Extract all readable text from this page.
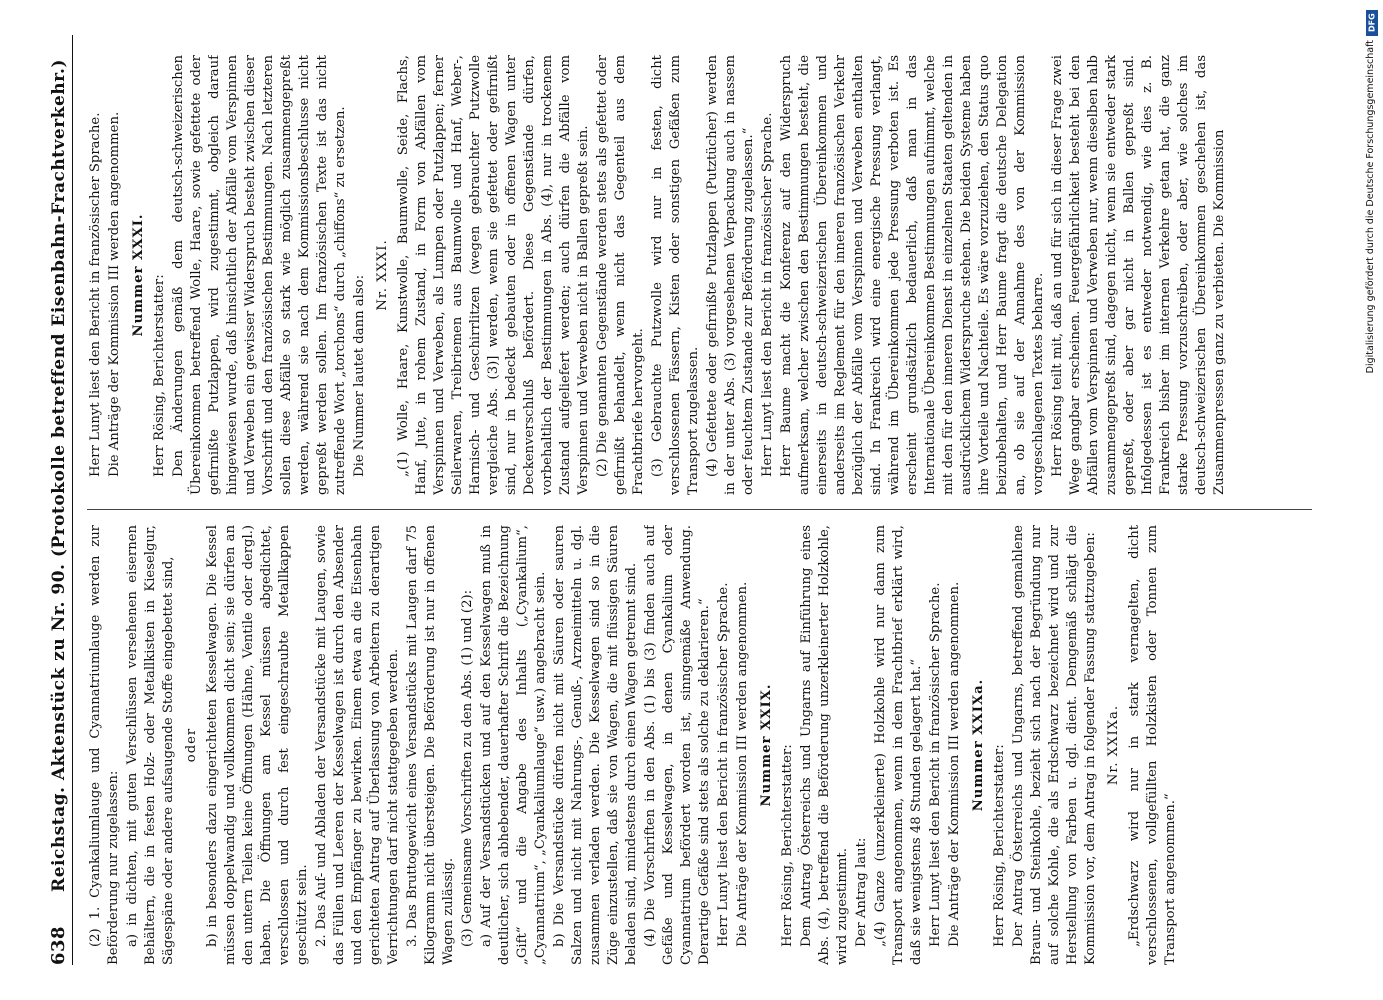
638
Reichstag. Aktenstück zu Nr. 90. (Protokolle betreffend Eisenbahn-Frachtverkehr.) (2) 1. Cyankaliumlauge und Cyannatriumlauge werden zur Beförderung nur zugelassen: a) in dichten, mit guten Verschlüssen versehenen eisernen Behältern, die in festen Holz- oder Metallkisten in Kieselgur, Sägespäne oder andere aufsaugende Stoffe eingebettet sind, oder b) in besonders dazu eingerichteten Kesselwagen. Die Kessel müssen doppelwandig und vollkommen dicht sein; sie dürfen an den untern Teilen keine Öffnungen (Hähne, Ventile oder dergl.) haben. Die Öffnungen am Kessel müssen abgedichtet, verschlossen und durch fest eingeschraubte Metallkappen geschützt sein. 2. Das Auf- und Abladen der Versandstücke mit Laugen, sowie das Füllen und Leeren der Kesselwagen ist durch den Absender und den Empfänger zu bewirken. Einem etwa an die Eisenbahn gerichteten Antrag auf Überlassung von Arbeitern zu derartigen Verrichtungen darf nicht stattgegeben werden. 3. Das Bruttogewicht eines Versandstücks mit Laugen darf 75 Kilogramm nicht übersteigen. Die Beförderung ist nur in offenen Wagen zulässig. (3) Gemeinsame Vorschriften zu den Abs. (1) und (2): a) Auf der Versandstücken und auf den Kesselwagen muß in deutlicher, sich abhebender, dauerhafter Schrift die Bezeichnung „Gift“ und die Angabe des Inhalts („Cyankalium“, „Cyannatrium“, „Cyankaliumlauge“ usw.) angebracht sein. b) Die Versandstücke dürfen nicht mit Säuren oder sauren Salzen und nicht mit Nahrungs-, Genuß-, Arzneimitteln u. dgl. zusammen verladen werden. Die Kesselwagen sind so in die Züge einzustellen, daß sie von Wagen, die mit flüssigen Säuren beladen sind, mindestens durch einen Wagen getrennt sind. (4) Die Vorschriften in den Abs. (1) bis (3) finden auch auf Gefäße und Kesselwagen, in denen Cyankalium oder Cyannatrium befördert worden ist, sinngemäße Anwendung. Derartige Gefäße sind stets als solche zu deklarieren.“ Herr Lunyt liest den Bericht in französischer Sprache. Die Anträge der Kommission III werden angenommen. Nummer XXIX. Herr Rösing, Berichterstatter: Dem Antrag Österreichs und Ungarns auf Einführung eines Abs. (4), betreffend die Beförderung unzerkleinerter Holzkohle, wird zugestimmt. Der Antrag laut: „(4) Ganze (unzerkleinerte) Holzkohle wird nur dann zum Transport angenommen, wenn in dem Frachtbrief erklärt wird, daß sie wenigstens 48 Stunden gelagert hat.“ Herr Lunyt liest den Bericht in französischer Sprache. Die Anträge der Kommission III werden angenommen. Nummer XXIXa. Herr Rösing, Berichterstatter: Der Antrag Österreichs und Ungarns, betreffend gemahlene Braun- und Steinkohle, bezieht sich nach der Begründung nur auf solche Kohle, die als Erdschwarz bezeichnet wird und zur Herstellung von Farben u. dgl. dient. Demgemäß schlägt die Kommission vor, dem Antrag in folgender Fassung stattzugeben: Nr. XXIXa. „Erdschwarz wird nur in stark vernagelten, dicht verschlossenen, vollgefüllten Holzkisten oder Tonnen zum Transport angenommen.“

Herr Lunyt liest den Bericht in französischer Sprache. Die Anträge der Kommission III werden angenommen. Nummer XXXI. Herr Rösing, Berichterstatter: Den Änderungen gemäß dem deutsch-schweizerischen Übereinkommen betreffend Wolle, Haare, sowie gefettete oder gefirnißte Putzlappen, wird zugestimmt, obgleich darauf hingewiesen wurde, daß hinsichtlich der Abfälle vom Verspinnen und Verweben ein gewisser Widerspruch besteht zwischen dieser Vorschrift und den französischen Bestimmungen. Nach letzteren sollen diese Abfälle so stark wie möglich zusammengepreßt werden, während sie nach dem Kommissionsbeschlusse nicht gepreßt werden sollen. Im französischen Texte ist das nicht zutreffende Wort „torchons“ durch „chiffons“ zu ersetzen. Die Nummer lautet dann also: Nr. XXXI. „(1) Wolle, Haare, Kunstwolle, Baumwolle, Seide, Flachs, Hanf, Jute, in rohem Zustand, in Form von Abfällen vom Verspinnen und Verweben, als Lumpen oder Putzlappen; ferner Seilerwaren, Treibriemen aus Baumwolle und Hanf, Weber-, Harnisch- und Geschirrlitzen (wegen gebrauchter Putzwolle vergleiche Abs. (3)] werden, wenn sie gefettet oder gefirnißt sind, nur in bedeckt gebauten oder in offenen Wagen unter Deckenverschluß befördert. Diese Gegenstände dürfen, vorbehaltlich der Bestimmungen in Abs. (4), nur in trockenem Zustand aufgeliefert werden; auch dürfen die Abfälle vom Verspinnen und Verweben nicht in Ballen gepreßt sein. (2) Die genannten Gegenstände werden stets als gefettet oder gefirnißt behandelt, wenn nicht das Gegenteil aus dem Frachtbriefe hervorgeht. (3) Gebrauchte Putzwolle wird nur in festen, dicht verschlossenen Fässern, Kisten oder sonstigen Gefäßen zum Transport zugelassen. (4) Gefettete oder gefirnißte Putzlappen (Putztücher) werden in der unter Abs. (3) vorgesehenen Verpackung auch in nassem oder feuchtem Zustande zur Beförderung zugelassen.“ Herr Lunyt liest den Bericht in französischer Sprache. Herr Baume macht die Konferenz auf den Widerspruch aufmerksam, welcher zwischen den Bestimmungen besteht, die einerseits in deutsch-schweizerischen Übereinkommen und anderseits im Reglement für den inneren französischen Verkehr bezüglich der Abfälle vom Verspinnen und Verweben enthalten sind. In Frankreich wird eine energische Pressung verlangt, während im Übereinkommen jede Pressung verboten ist. Es erscheint grundsätzlich bedauerlich, daß man in das Internationale Übereinkommen Bestimmungen aufnimmt, welche mit den für den inneren Dienst in einzelnen Staaten geltenden in ausdrücklichem Widerspruche stehen. Die beiden Systeme haben ihre Vorteile und Nachteile. Es wäre vorzuziehen, den Status quo beizubehalten, und Herr Baume fragt die deutsche Delegation an, ob sie auf der Annahme des von der Kommission vorgeschlagenen Textes beharre. Herr Rösing teilt mit, daß an und für sich in dieser Frage zwei Wege gangbar erscheinen. Feuergefährlichkeit besteht bei den Abfällen vom Verspinnen und Verweben nur, wenn dieselben halb zusammengepreßt sind, dagegen nicht, wenn sie entweder stark gepreßt, oder aber gar nicht in Ballen gepreßt sind. Infolgedessen ist es entweder notwendig, wie dies z. B. Frankreich bisher im internen Verkehre getan hat, die ganz starke Pressung vorzuschreiben, oder aber, wie solches im deutsch-schweizerischen Übereinkommen geschehen ist, das Zusammenpressen ganz zu verbieten. Die Kommission

DFG
Digitalisierung gefördert durch die Deutsche Forschungsgemeinschaft
